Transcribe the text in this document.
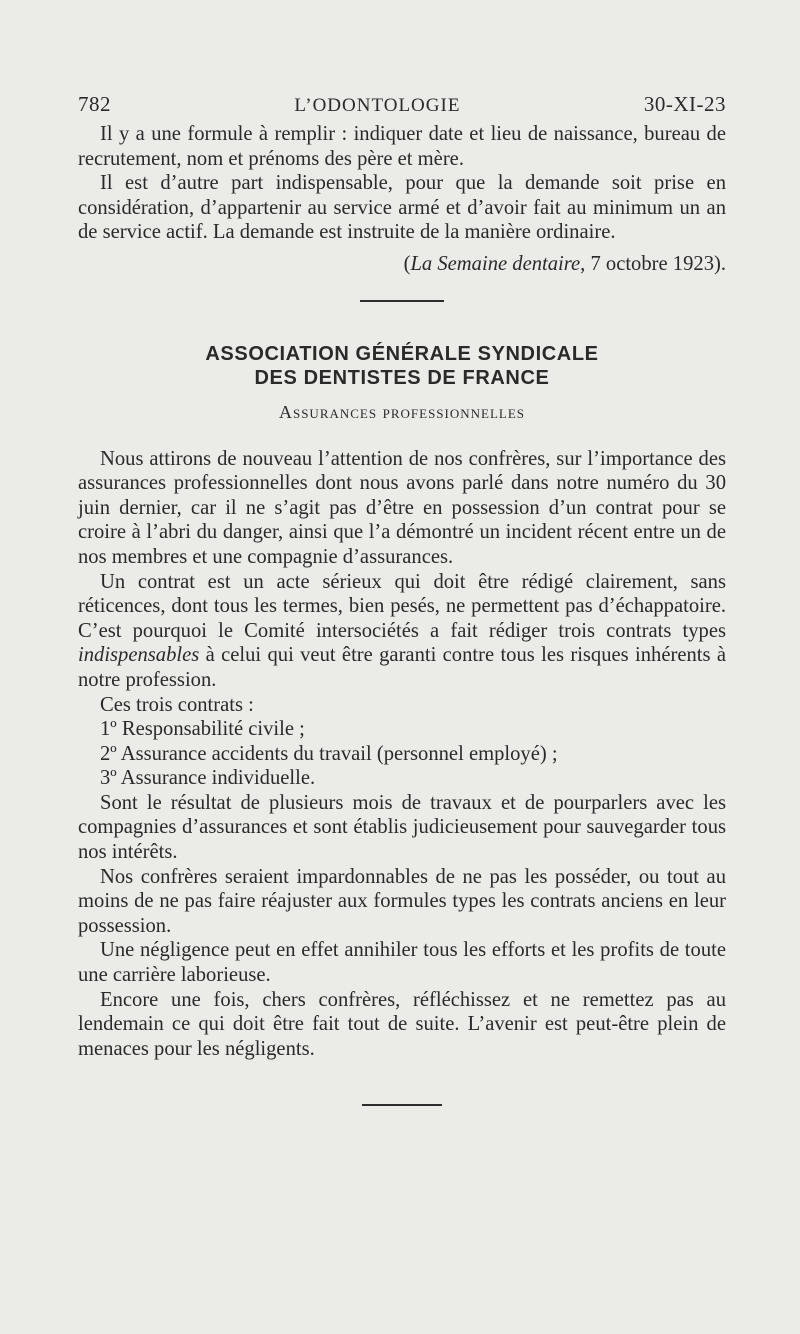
782	L’ODONTOLOGIE	30-XI-23

Il y a une formule à remplir : indiquer date et lieu de naissance, bureau de recrutement, nom et prénoms des père et mère.

Il est d’autre part indispensable, pour que la demande soit prise en considération, d’appartenir au service armé et d’avoir fait au minimum un an de service actif. La demande est instruite de la manière ordinaire.

(La Semaine dentaire, 7 octobre 1923).
ASSOCIATION GÉNÉRALE SYNDICALE
DES DENTISTES DE FRANCE
Assurances professionnelles

Nous attirons de nouveau l’attention de nos confrères, sur l’importance des assurances professionnelles dont nous avons parlé dans notre numéro du 30 juin dernier, car il ne s’agit pas d’être en possession d’un contrat pour se croire à l’abri du danger, ainsi que l’a démontré un incident récent entre un de nos membres et une compagnie d’assurances.

Un contrat est un acte sérieux qui doit être rédigé clairement, sans réticences, dont tous les termes, bien pesés, ne permettent pas d’échappatoire. C’est pourquoi le Comité intersociétés a fait rédiger trois contrats types indispensables à celui qui veut être garanti contre tous les risques inhérents à notre profession.

Ces trois contrats :

1º Responsabilité civile ;

2º Assurance accidents du travail (personnel employé) ;

3º Assurance individuelle.

Sont le résultat de plusieurs mois de travaux et de pourparlers avec les compagnies d’assurances et sont établis judicieusement pour sauvegarder tous nos intérêts.

Nos confrères seraient impardonnables de ne pas les posséder, ou tout au moins de ne pas faire réajuster aux formules types les contrats anciens en leur possession.

Une négligence peut en effet annihiler tous les efforts et les profits de toute une carrière laborieuse.

Encore une fois, chers confrères, réfléchissez et ne remettez pas au lendemain ce qui doit être fait tout de suite. L’avenir est peut-être plein de menaces pour les négligents.
